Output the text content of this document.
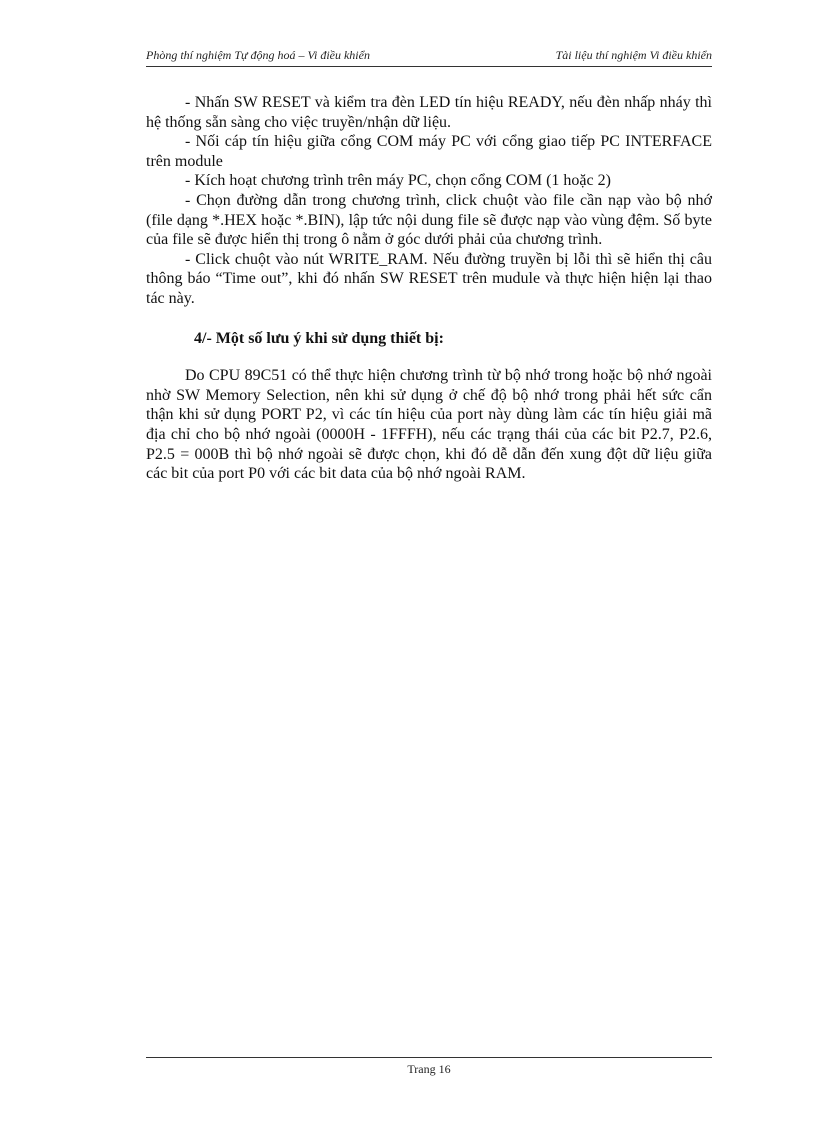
Phòng thí nghiệm Tự động hoá – Vi điều khiển	Tài liệu thí nghiệm Vi điều khiển

- Nhấn SW RESET và kiểm tra đèn LED tín hiệu READY, nếu đèn nhấp nháy thì hệ thống sẵn sàng cho việc truyền/nhận dữ liệu.

- Nối cáp tín hiệu giữa cổng COM máy PC với cổng giao tiếp PC INTERFACE trên module

- Kích hoạt chương trình trên máy PC, chọn cổng COM (1 hoặc 2)

- Chọn đường dẫn trong chương trình, click chuột vào file cần nạp vào bộ nhớ (file dạng *.HEX hoặc *.BIN), lập tức nội dung file sẽ được nạp vào vùng đệm. Số byte của file sẽ được hiển thị trong ô nằm ở góc dưới phải của chương trình.

- Click chuột vào nút WRITE_RAM. Nếu đường truyền bị lỗi thì sẽ hiển thị câu thông báo “Time out”, khi đó nhấn SW RESET trên mudule và thực hiện hiện lại thao tác này.

4/- Một số lưu ý khi sử dụng thiết bị:

Do CPU 89C51 có thể thực hiện chương trình từ bộ nhớ trong hoặc bộ nhớ ngoài nhờ SW Memory Selection, nên khi sử dụng ở chế độ bộ nhớ trong phải hết sức cẩn thận khi sử dụng PORT P2, vì các tín hiệu của port này dùng làm các tín hiệu giải mã địa chỉ cho bộ nhớ ngoài (0000H - 1FFFH), nếu các trạng thái của các bit P2.7, P2.6, P2.5 = 000B thì bộ nhớ ngoài sẽ được chọn, khi đó dễ dẫn đến xung đột dữ liệu giữa các bit của port P0 với các bit data của bộ nhớ ngoài RAM.

Trang 16
